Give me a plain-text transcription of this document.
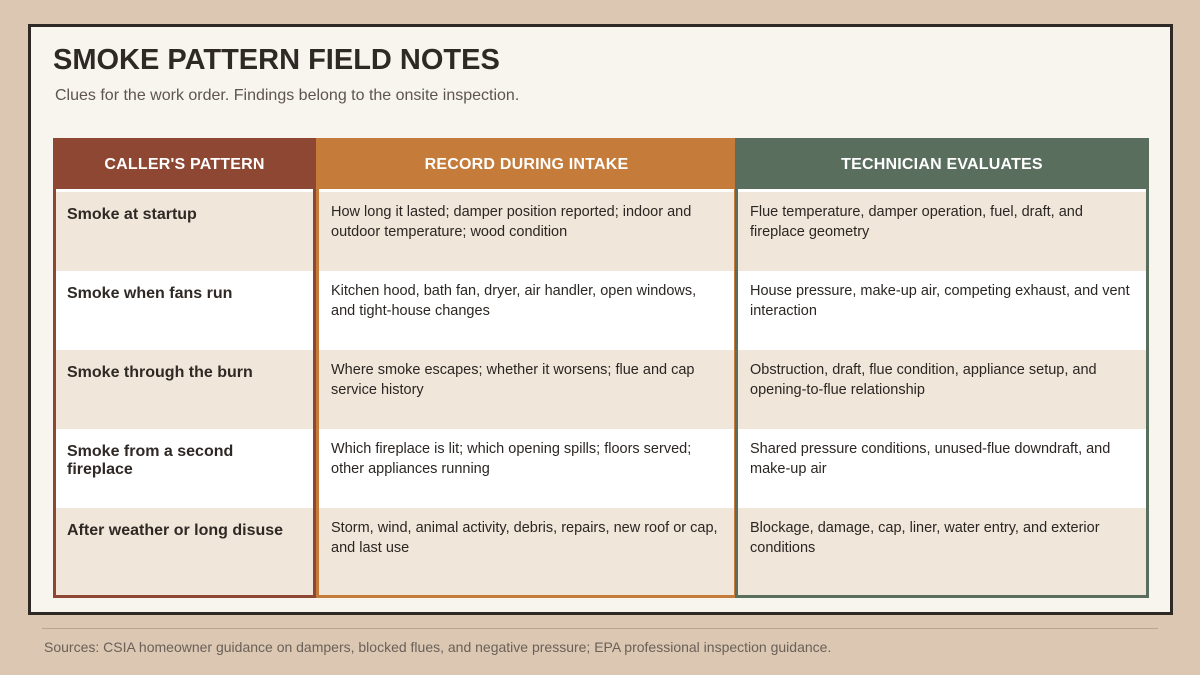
SMOKE PATTERN FIELD NOTES
Clues for the work order. Findings belong to the onsite inspection.
CALLER'S PATTERN
Smoke at startup
Smoke when fans run
Smoke through the burn
Smoke from a second fireplace
After weather or long disuse
RECORD DURING INTAKE
How long it lasted; damper position reported; indoor and outdoor temperature; wood condition
Kitchen hood, bath fan, dryer, air handler, open windows, and tight-house changes
Where smoke escapes; whether it worsens; flue and cap service history
Which fireplace is lit; which opening spills; floors served; other appliances running
Storm, wind, animal activity, debris, repairs, new roof or cap, and last use
TECHNICIAN EVALUATES
Flue temperature, damper operation, fuel, draft, and fireplace geometry
House pressure, make-up air, competing exhaust, and vent interaction
Obstruction, draft, flue condition, appliance setup, and opening-to-flue relationship
Shared pressure conditions, unused-flue downdraft, and make-up air
Blockage, damage, cap, liner, water entry, and exterior conditions
Sources: CSIA homeowner guidance on dampers, blocked flues, and negative pressure; EPA professional inspection guidance.
